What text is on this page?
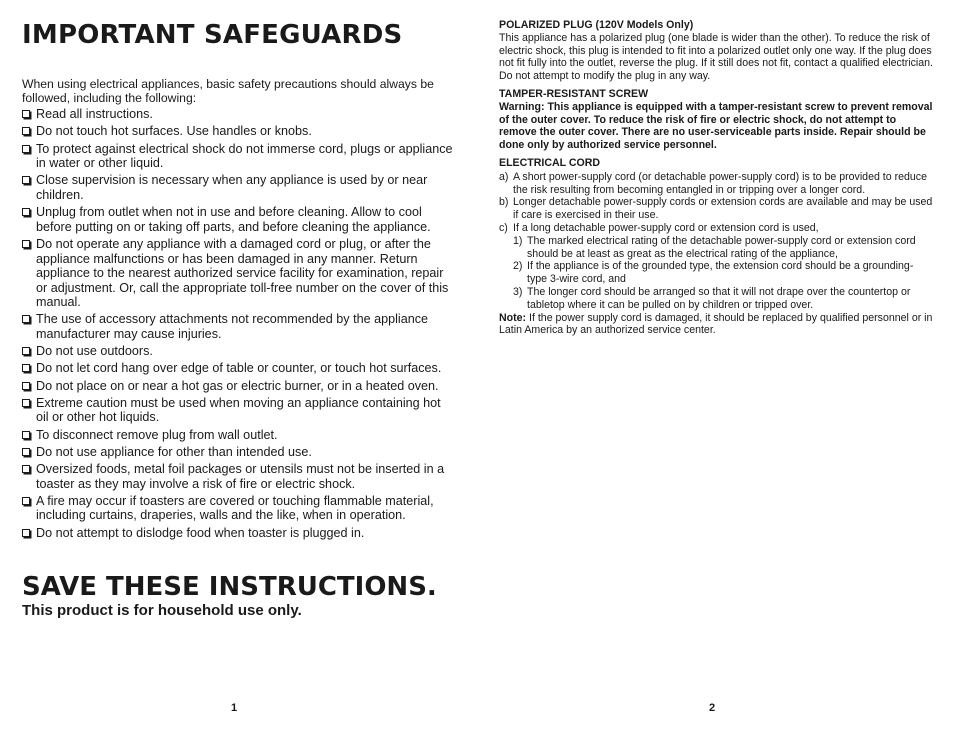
IMPORTANT SAFEGUARDS

When using electrical appliances, basic safety precautions should always be followed, including the following:

Read all instructions.
Do not touch hot surfaces. Use handles or knobs.
To protect against electrical shock do not immerse cord, plugs or appliance in water or other liquid.
Close supervision is necessary when any appliance is used by or near children.
Unplug from outlet when not in use and before cleaning. Allow to cool before putting on or taking off parts, and before cleaning the appliance.
Do not operate any appliance with a damaged cord or plug, or after the appliance malfunctions or has been damaged in any manner. Return appliance to the nearest authorized service facility for examination, repair or adjustment. Or, call the appropriate toll-free number on the cover of this manual.
The use of accessory attachments not recommended by the appliance manufacturer may cause injuries.
Do not use outdoors.
Do not let cord hang over edge of table or counter, or touch hot surfaces.
Do not place on or near a hot gas or electric burner, or in a heated oven.
Extreme caution must be used when moving an appliance containing hot oil or other hot liquids.
To disconnect remove plug from wall outlet.
Do not use appliance for other than intended use.
Oversized foods, metal foil packages or utensils must not be inserted in a toaster as they may involve a risk of fire or electric shock.
A fire may occur if toasters are covered or touching flammable material, including curtains, draperies, walls and the like, when in operation.
Do not attempt to dislodge food when toaster is plugged in.
SAVE THESE INSTRUCTIONS.

This product is for household use only.

POLARIZED PLUG (120V Models Only)

This appliance has a polarized plug (one blade is wider than the other). To reduce the risk of electric shock, this plug is intended to fit into a polarized outlet only one way. If the plug does not fit fully into the outlet, reverse the plug. If it still does not fit, contact a qualified electrician. Do not attempt to modify the plug in any way.

TAMPER-RESISTANT SCREW

Warning: This appliance is equipped with a tamper-resistant screw to prevent removal of the outer cover. To reduce the risk of fire or electric shock, do not attempt to remove the outer cover. There are no user-serviceable parts inside. Repair should be done only by authorized service personnel.

ELECTRICAL CORD

a) A short power-supply cord (or detachable power-supply cord) is to be provided to reduce the risk resulting from becoming entangled in or tripping over a longer cord.
b) Longer detachable power-supply cords or extension cords are available and may be used if care is exercised in their use.
c) If a long detachable power-supply cord or extension cord is used,
1) The marked electrical rating of the detachable power-supply cord or extension cord should be at least as great as the electrical rating of the appliance,
2) If the appliance is of the grounded type, the extension cord should be a grounding-type 3-wire cord, and
3) The longer cord should be arranged so that it will not drape over the countertop or tabletop where it can be pulled on by children or tripped over.

Note: If the power supply cord is damaged, it should be replaced by qualified personnel or in Latin America by an authorized service center.

1	2
